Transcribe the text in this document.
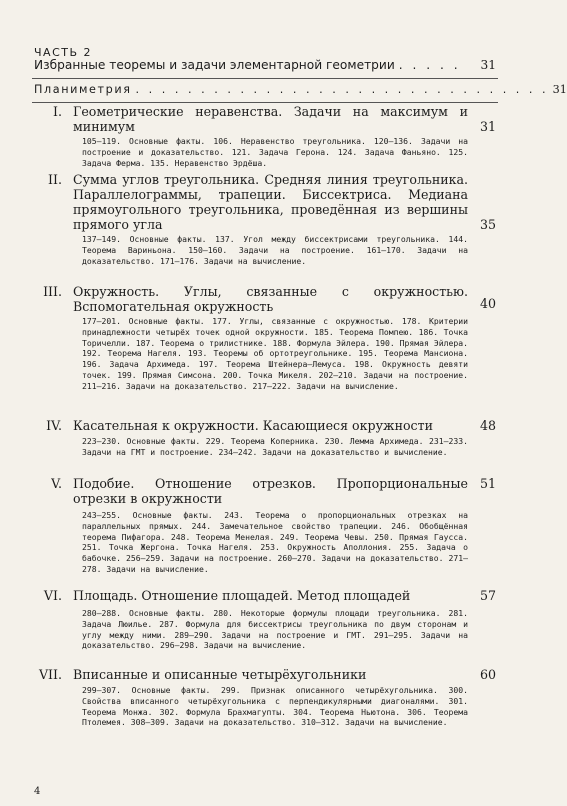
ЧАСТЬ 2
Избранные теоремы и задачи элементарной геометрии . . . . .	31
Планиметрия . . . . . . . . . . . . . . . . . . . . . . . . . . . . . . . . 31
I. Геометрические неравенства. Задачи на максимум и минимум	31
105—119. Основные факты. 106. Неравенство треугольника. 120—136. Задачи на построение и доказательство. 121. Задача Герона. 124. Задача Фаньяно. 125. Задача Ферма. 135. Неравенство Эрдёша.
II. Сумма углов треугольника. Средняя линия треугольника. Параллелограммы, трапеции. Биссектриса. Медиана прямоугольного треугольника, проведённая из вершины прямого угла	35
137—149. Основные факты. 137. Угол между биссектрисами треугольника. 144. Теорема Вариньона. 150—160. Задачи на построение. 161—170. Задачи на доказательство. 171—176. Задачи на вычисление.
III. Окружность. Углы, связанные с окружностью. Вспомогательная окружность	40
177—201. Основные факты. 177. Углы, связанные с окружностью. 178. Критерии принадлежности четырёх точек одной окружности. 185. Теорема Помпею. 186. Точка Торичелли. 187. Теорема о трилистнике. 188. Формула Эйлера. 190. Прямая Эйлера. 192. Теорема Нагеля. 193. Теоремы об ортотреугольнике. 195. Теорема Мансиона. 196. Задача Архимеда. 197. Теорема Штейнера—Лемуса. 198. Окружность девяти точек. 199. Прямая Симсона. 200. Точка Микеля. 202—210. Задачи на построение. 211—216. Задачи на доказательство. 217—222. Задачи на вычисление.
IV. Касательная к окружности. Касающиеся окружности	48
223—230. Основные факты. 229. Теорема Коперника. 230. Лемма Архимеда. 231—233. Задачи на ГМТ и построение. 234—242. Задачи на доказательство и вычисление.
V. Подобие. Отношение отрезков. Пропорциональные отрезки в окружности
51
243—255. Основные факты. 243. Теорема о пропорциональных отрезках на параллельных прямых. 244. Замечательное свойство трапеции. 246. Обобщённая теорема Пифагора. 248. Теорема Менелая. 249. Теорема Чевы. 250. Прямая Гаусса. 251. Точка Жергона. Точка Нагеля. 253. Окружность Аполлония. 255. Задача о бабочке. 256—259. Задачи на построение. 260—270. Задачи на доказательство. 271—278. Задачи на вычисление.
VI. Площадь. Отношение площадей. Метод площадей	57
280—288. Основные факты. 280. Некоторые формулы площади треугольника. 281. Задача Люилье. 287. Формула для биссектрисы треугольника по двум сторонам и углу между ними. 289—290. Задачи на построение и ГМТ. 291—295. Задачи на доказательство. 296—298. Задачи на вычисление.
VII. Вписанные и описанные четырёхугольники	60
299—307. Основные факты. 299. Признак описанного четырёхугольника. 300. Свойства вписанного четырёхугольника с перпендикулярными диагоналями. 301. Теорема Монжа. 302. Формула Брахмагупты. 304. Теорема Ньютона. 306. Теорема Птолемея. 308—309. Задачи на доказательство. 310—312. Задачи на вычисление.
4
